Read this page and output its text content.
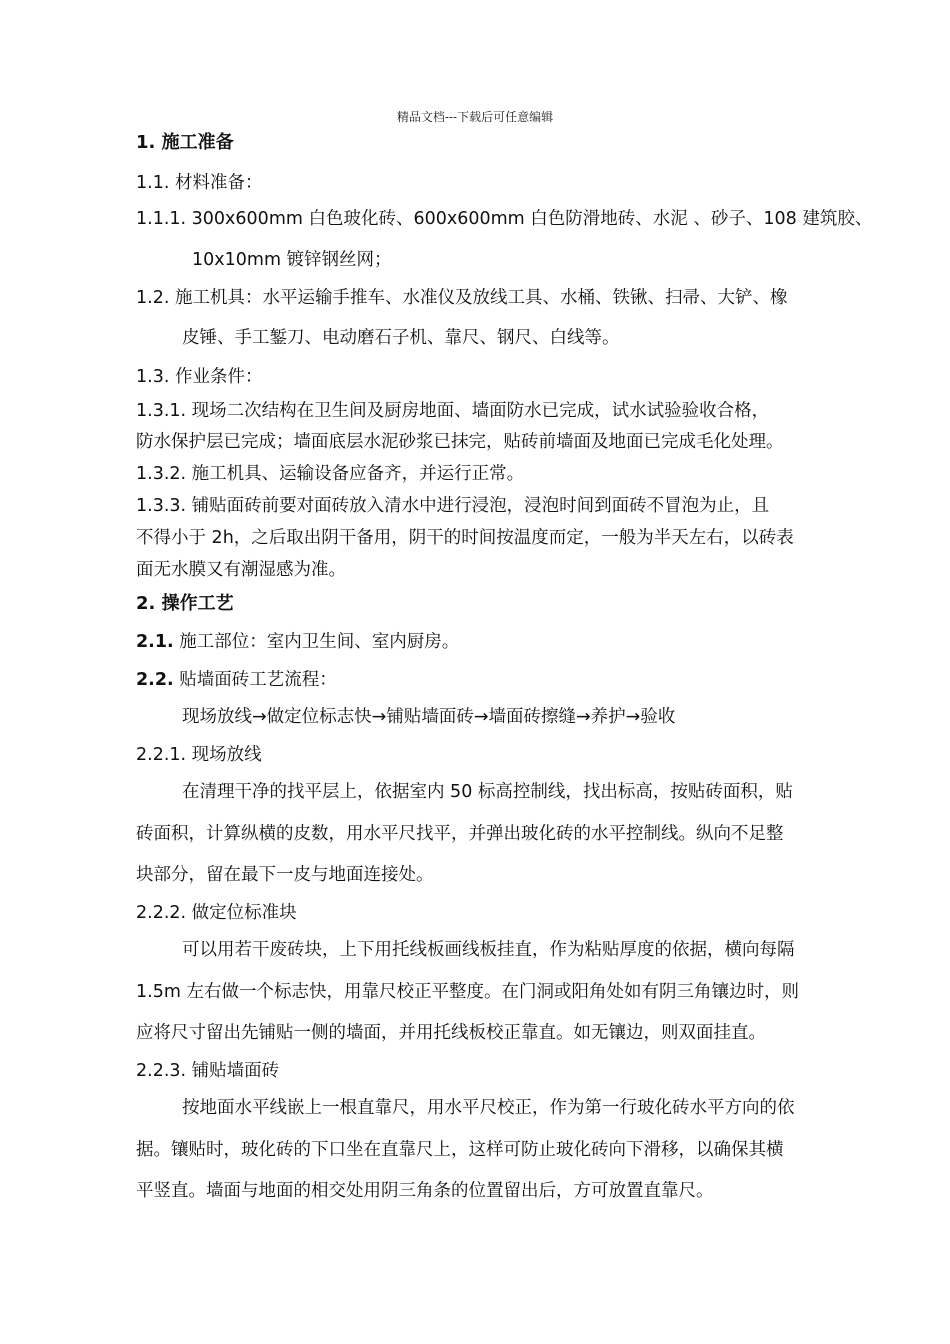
精品文档---下载后可任意编辑
1. 施工准备
1.1. 材料准备：
1.1.1. 300x600mm 白色玻化砖、600x600mm 白色防滑地砖、水泥 、砂子、108 建筑胶、
10x10mm 镀锌钢丝网；
1.2. 施工机具：水平运输手推车、水准仪及放线工具、水桶、铁锹、扫帚、大铲、橡
皮锤、手工錾刀、电动磨石子机、靠尺、钢尺、白线等。
1.3. 作业条件：
1.3.1. 现场二次结构在卫生间及厨房地面、墙面防水已完成，试水试验验收合格，
防水保护层已完成；墙面底层水泥砂浆已抹完，贴砖前墙面及地面已完成毛化处理。
1.3.2. 施工机具、运输设备应备齐，并运行正常。
1.3.3. 铺贴面砖前要对面砖放入清水中进行浸泡，浸泡时间到面砖不冒泡为止，且
不得小于 2h，之后取出阴干备用，阴干的时间按温度而定，一般为半天左右，以砖表
面无水膜又有潮湿感为准。
2. 操作工艺
2.1. 施工部位：室内卫生间、室内厨房。
2.2. 贴墙面砖工艺流程：
现场放线→做定位标志快→铺贴墙面砖→墙面砖擦缝→养护→验收
2.2.1. 现场放线
在清理干净的找平层上，依据室内 50 标高控制线，找出标高，按贴砖面积，贴
砖面积，计算纵横的皮数，用水平尺找平，并弹出玻化砖的水平控制线。纵向不足整
块部分，留在最下一皮与地面连接处。
2.2.2. 做定位标准块
可以用若干废砖块，上下用托线板画线板挂直，作为粘贴厚度的依据，横向每隔
1.5m 左右做一个标志快，用靠尺校正平整度。在门洞或阳角处如有阴三角镶边时，则
应将尺寸留出先铺贴一侧的墙面，并用托线板校正靠直。如无镶边，则双面挂直。
2.2.3. 铺贴墙面砖
按地面水平线嵌上一根直靠尺，用水平尺校正，作为第一行玻化砖水平方向的依
据。镶贴时，玻化砖的下口坐在直靠尺上，这样可防止玻化砖向下滑移，以确保其横
平竖直。墙面与地面的相交处用阴三角条的位置留出后，方可放置直靠尺。
